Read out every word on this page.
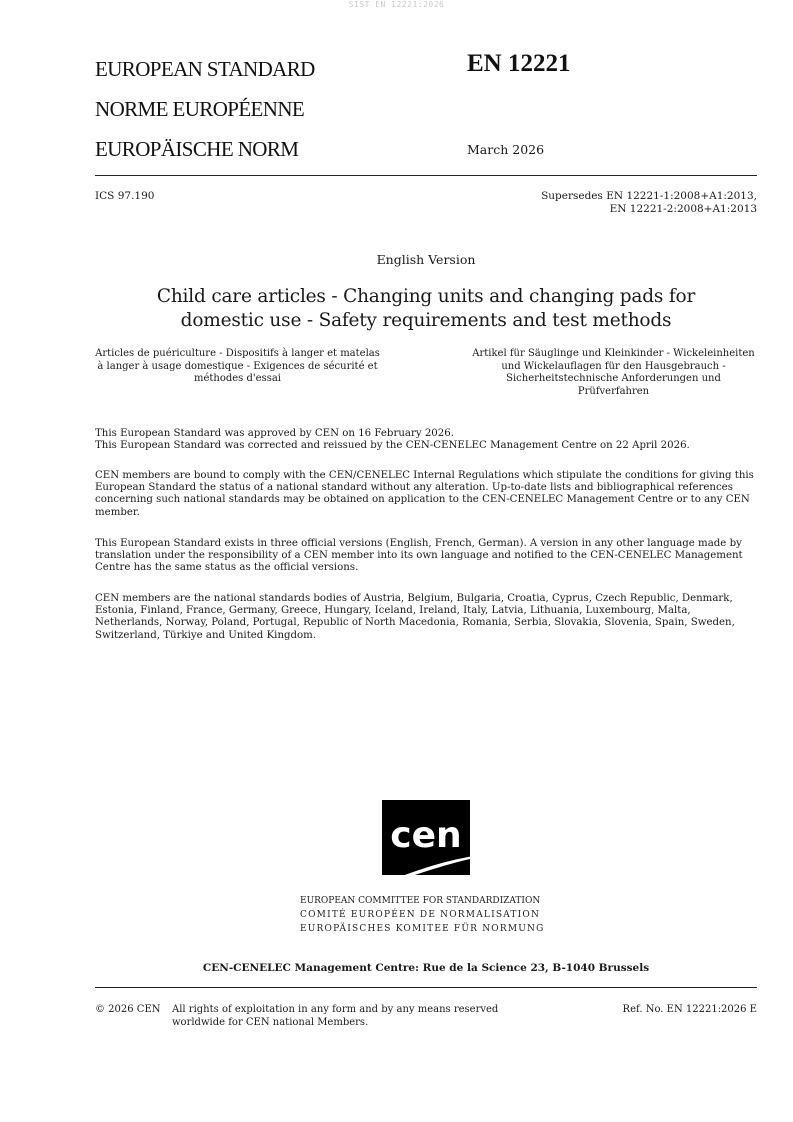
SIST EN 12221:2026
EUROPEAN STANDARD
NORME EUROPÉENNE
EUROPÄISCHE NORM
EN 12221
March 2026
ICS 97.190	Supersedes EN 12221-1:2008+A1:2013,
EN 12221-2:2008+A1:2013
English Version
Child care articles - Changing units and changing pads for
domestic use - Safety requirements and test methods
Articles de puériculture - Dispositifs à langer et matelas à langer à usage domestique - Exigences de sécurité et méthodes d'essai
Artikel für Säuglinge und Kleinkinder - Wickeleinheiten und Wickelauflagen für den Hausgebrauch - Sicherheitstechnische Anforderungen und Prüfverfahren
This European Standard was approved by CEN on 16 February 2026.
This European Standard was corrected and reissued by the CEN-CENELEC Management Centre on 22 April 2026.
CEN members are bound to comply with the CEN/CENELEC Internal Regulations which stipulate the conditions for giving this European Standard the status of a national standard without any alteration. Up-to-date lists and bibliographical references concerning such national standards may be obtained on application to the CEN-CENELEC Management Centre or to any CEN member.
This European Standard exists in three official versions (English, French, German). A version in any other language made by translation under the responsibility of a CEN member into its own language and notified to the CEN-CENELEC Management Centre has the same status as the official versions.
CEN members are the national standards bodies of Austria, Belgium, Bulgaria, Croatia, Cyprus, Czech Republic, Denmark, Estonia, Finland, France, Germany, Greece, Hungary, Iceland, Ireland, Italy, Latvia, Lithuania, Luxembourg, Malta, Netherlands, Norway, Poland, Portugal, Republic of North Macedonia, Romania, Serbia, Slovakia, Slovenia, Spain, Sweden, Switzerland, Türkiye and United Kingdom.
cen
EUROPEAN COMMITTEE FOR STANDARDIZATION
COMITÉ EUROPÉEN DE NORMALISATION
EUROPÄISCHES KOMITEE FÜR NORMUNG
CEN-CENELEC Management Centre: Rue de la Science 23, B-1040 Brussels
© 2026 CEN All rights of exploitation in any form and by any means reserved
worldwide for CEN national Members.
Ref. No. EN 12221:2026 E
